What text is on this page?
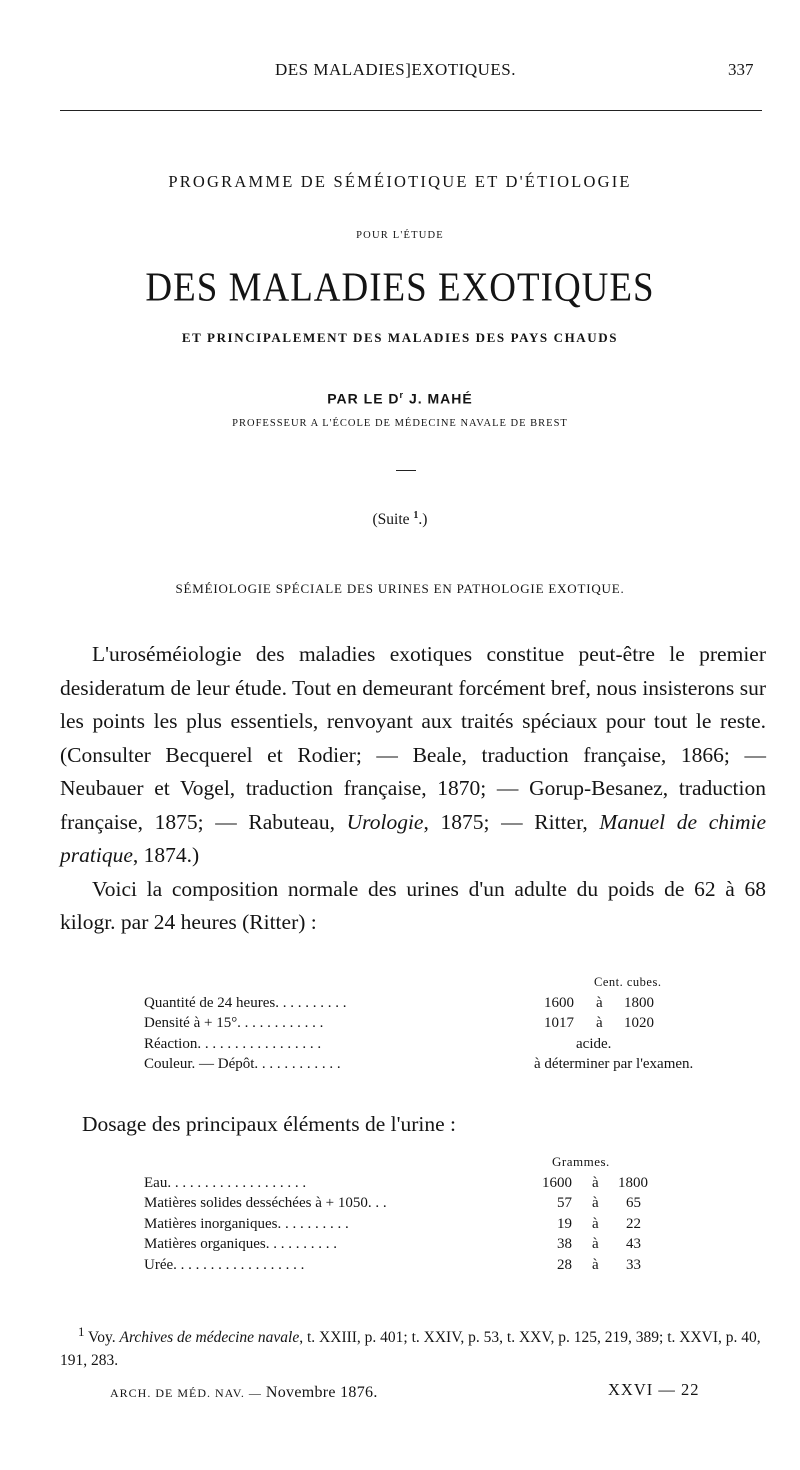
DES MALADIES]EXOTIQUES.	337
PROGRAMME DE SÉMÉIOTIQUE ET D'ÉTIOLOGIE
POUR L'ÉTUDE
DES MALADIES EXOTIQUES
ET PRINCIPALEMENT DES MALADIES DES PAYS CHAUDS
PAR LE $D^r$ J. MAHÉ
PROFESSEUR A L'ÉCOLE DE MÉDECINE NAVALE DE BREST
(Suite $^1$.)
SÉMÉIOLOGIE SPÉCIALE DES URINES EN PATHOLOGIE EXOTIQUE.

L'uroséméiologie des maladies exotiques constitue peut-être le premier desideratum de leur étude. Tout en demeurant forcément bref, nous insisterons sur les points les plus essentiels, renvoyant aux traités spéciaux pour tout le reste. (Consulter Becquerel et Rodier; — Beale, traduction française, 1866; — Neubauer et Vogel, traduction française, 1870; — Gorup-Besanez, traduction française, 1875; — Rabuteau, Urologie, 1875; — Ritter, Manuel de chimie pratique, 1874.)

Voici la composition normale des urines d'un adulte du poids de 62 à 68 kilogr. par 24 heures (Ritter) :

Cent. cubes.
Quantité de 24 heures. . . . . . . . . .	1600 à 1800
Densité à + 15°. . . . . . . . . . . .	1017 à 1020
Réaction. . . . . . . . . . . . . . . . .	acide.
Couleur. — Dépôt. . . . . . . . . . . .	à déterminer par l'examen.
Dosage des principaux éléments de l'urine :
Grammes.
Eau. . . . . . . . . . . . . . . . . . .	1600 à 1800
Matières solides desséchées à + 1050. . .	57 à 65
Matières inorganiques. . . . . . . . . .	19 à 22
Matières organiques. . . . . . . . . .	38 à 43
Urée. . . . . . . . . . . . . . . . . .	28 à 33
$^1$ Voy. Archives de médecine navale, t. XXIII, p. 401; t. XXIV, p. 53, t. XXV, p. 125, 219, 389; t. XXVI, p. 40, 191, 283.
ARCH. DE MÉD. NAV. — Novembre 1876.	XXVI — 22
